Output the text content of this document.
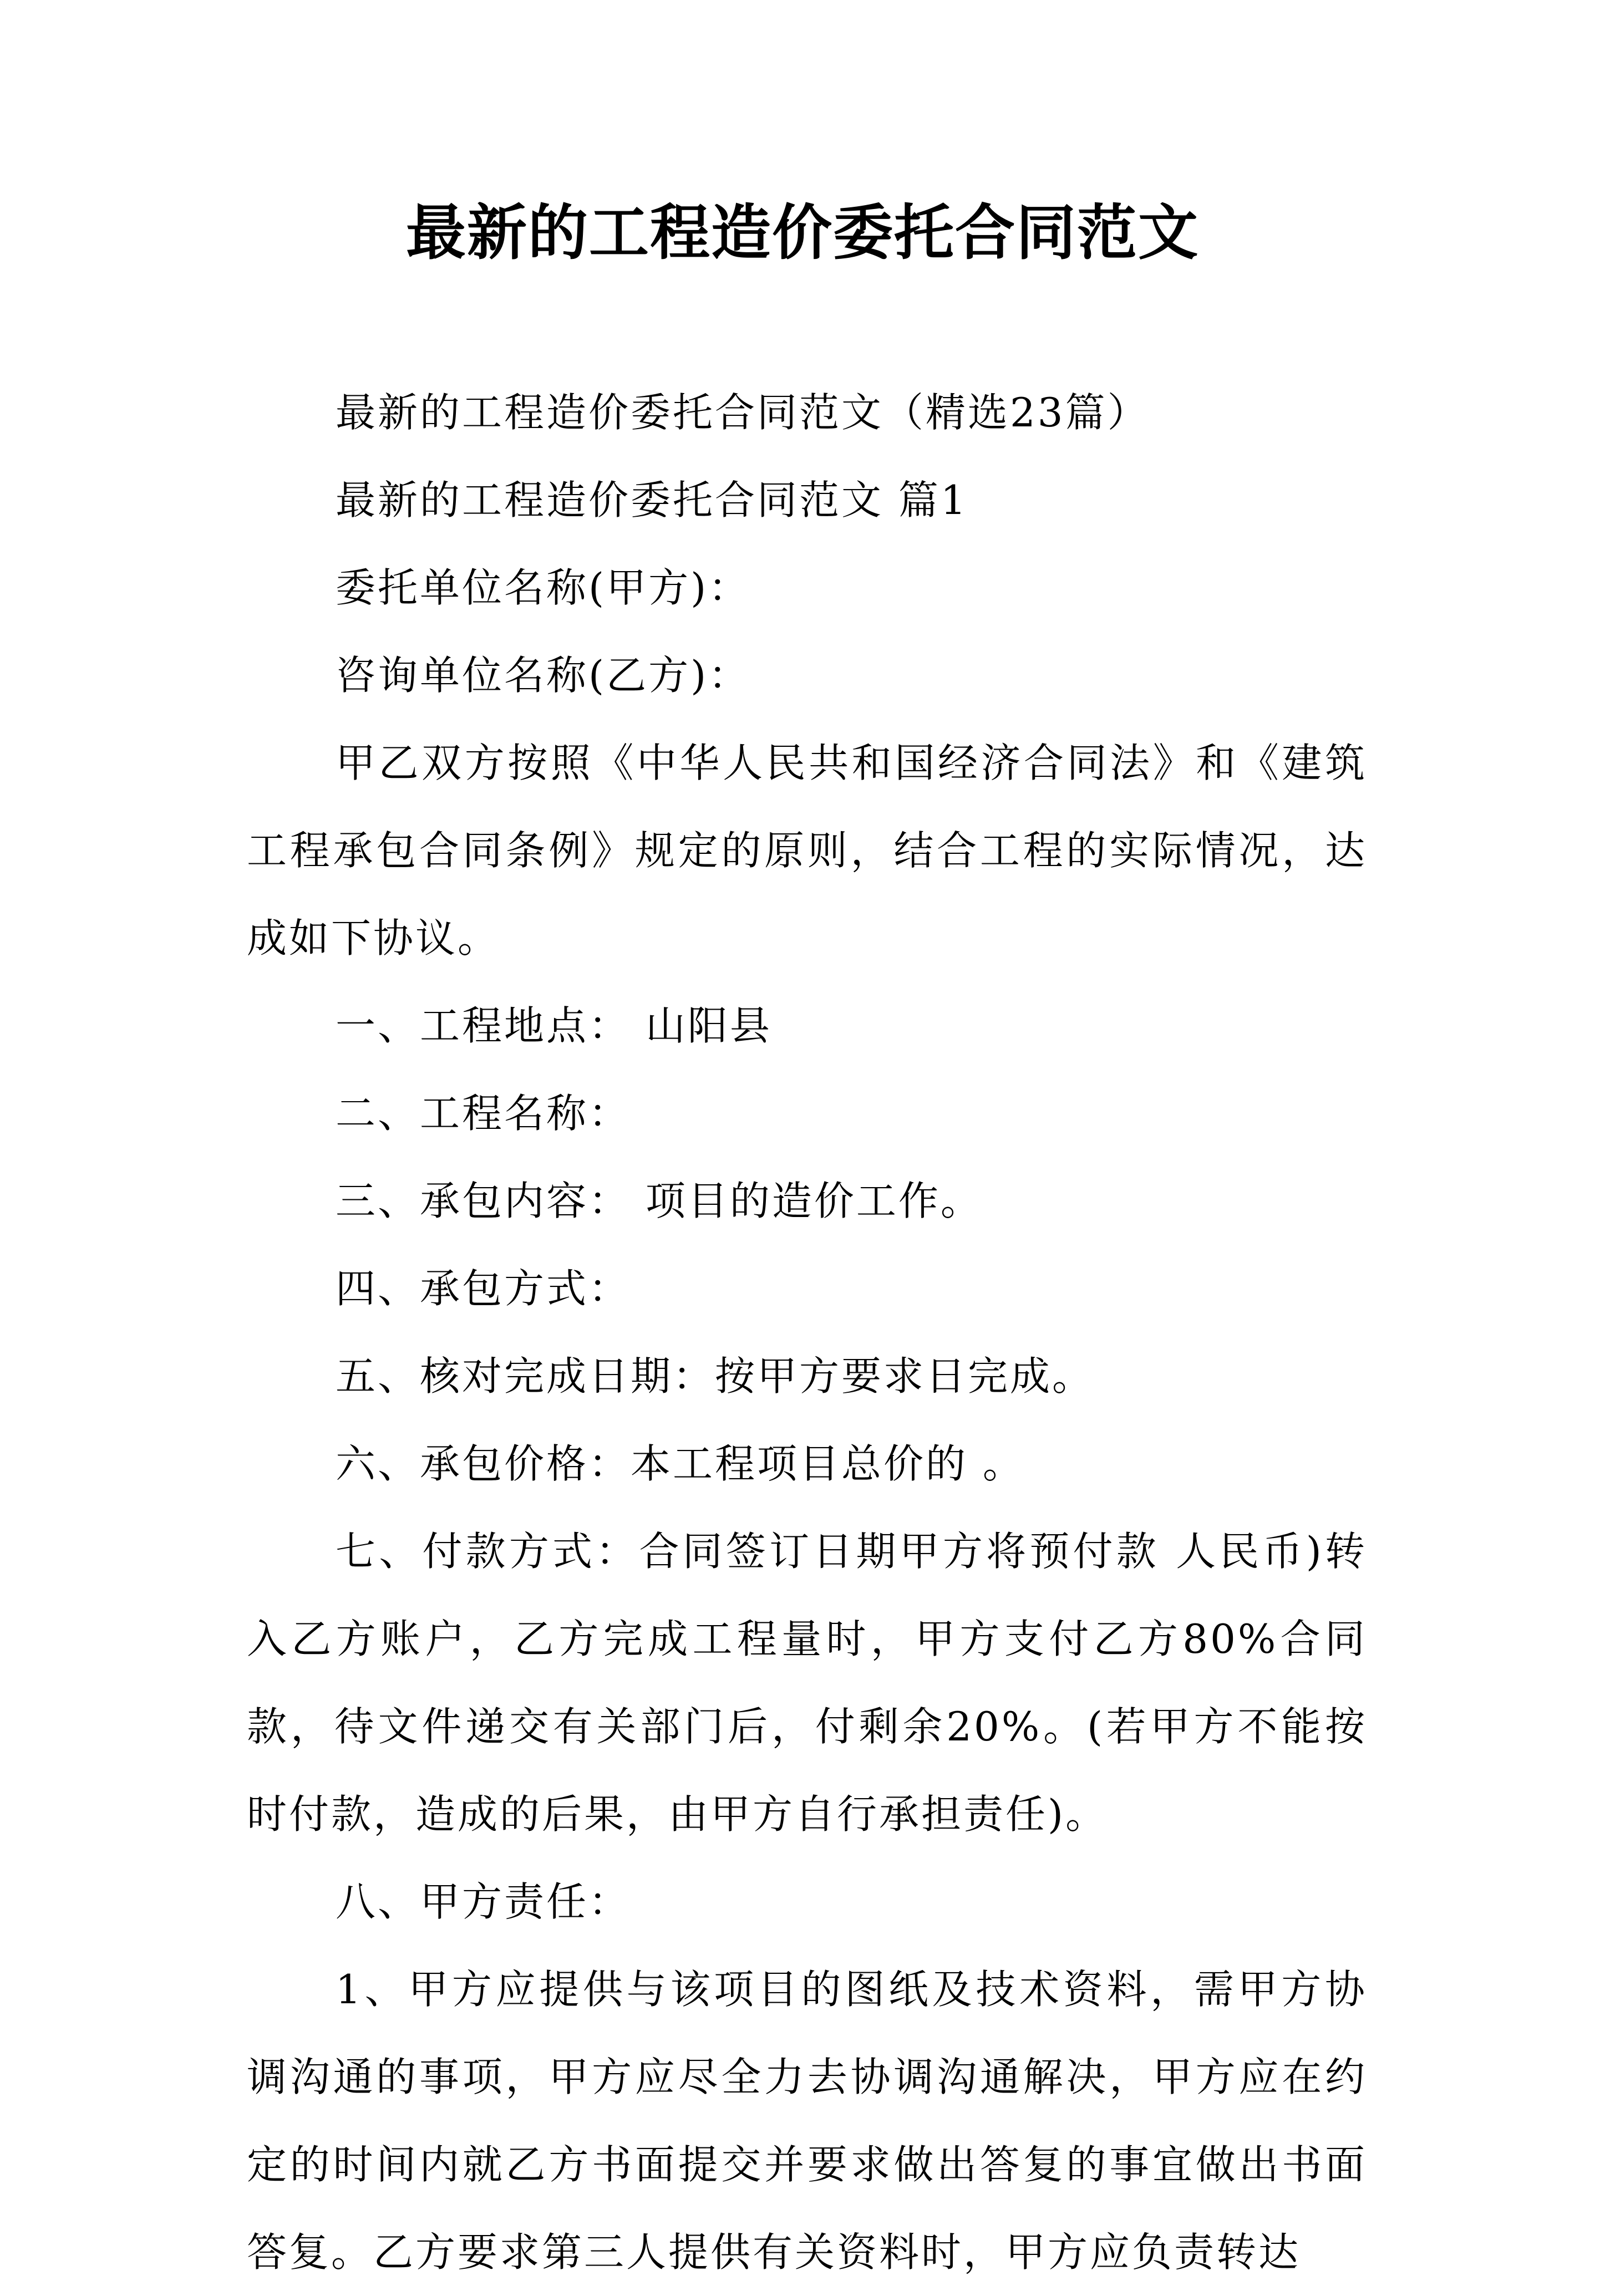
最新的工程造价委托合同范文

最新的工程造价委托合同范文（精选23篇）

最新的工程造价委托合同范文 篇1

委托单位名称(甲方)：

咨询单位名称(乙方)：

甲乙双方按照《中华人民共和国经济合同法》和《建筑工程承包合同条例》规定的原则，结合工程的实际情况，达成如下协议。

一、工程地点： 山阳县

二、工程名称：

三、承包内容： 项目的造价工作。

四、承包方式：

五、核对完成日期：按甲方要求日完成。

六、承包价格：本工程项目总价的 。

七、付款方式：合同签订日期甲方将预付款 人民币)转入乙方账户，乙方完成工程量时，甲方支付乙方80%合同款，待文件递交有关部门后，付剩余20%。(若甲方不能按时付款，造成的后果，由甲方自行承担责任)。

八、甲方责任：

1、甲方应提供与该项目的图纸及技术资料，需甲方协调沟通的事项，甲方应尽全力去协调沟通解决，甲方应在约定的时间内就乙方书面提交并要求做出答复的事宜做出书面答复。乙方要求第三人提供有关资料时，甲方应负责转达
